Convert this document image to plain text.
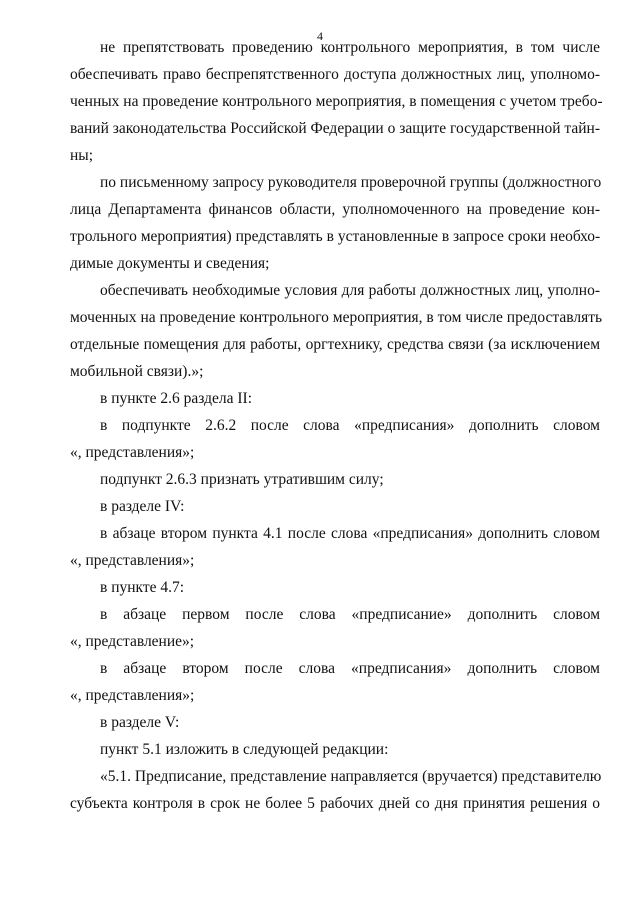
4
не препятствовать проведению контрольного мероприятия, в том числе
обеспечивать право беспрепятственного доступа должностных лиц, уполномо-
ченных на проведение контрольного мероприятия, в помещения с учетом требо-
ваний законодательства Российской Федерации о защите государственной тайн-
ны;
по письменному запросу руководителя проверочной группы (должностного
лица Департамента финансов области, уполномоченного на проведение кон-
трольного мероприятия) представлять в установленные в запросе сроки необхо-
димые документы и сведения;
обеспечивать необходимые условия для работы должностных лиц, уполно-
моченных на проведение контрольного мероприятия, в том числе предоставлять
отдельные помещения для работы, оргтехнику, средства связи (за исключением
мобильной связи).»;
в пункте 2.6 раздела II:
в подпункте 2.6.2 после слова «предписания» дополнить словом
«, представления»;
подпункт 2.6.3 признать утратившим силу;
в разделе IV:
в абзаце втором пункта 4.1 после слова «предписания» дополнить словом
«, представления»;
в пункте 4.7:
в абзаце первом после слова «предписание» дополнить словом
«, представление»;
в абзаце втором после слова «предписания» дополнить словом
«, представления»;
в разделе V:
пункт 5.1 изложить в следующей редакции:
«5.1. Предписание, представление направляется (вручается) представителю
субъекта контроля в срок не более 5 рабочих дней со дня принятия решения о
